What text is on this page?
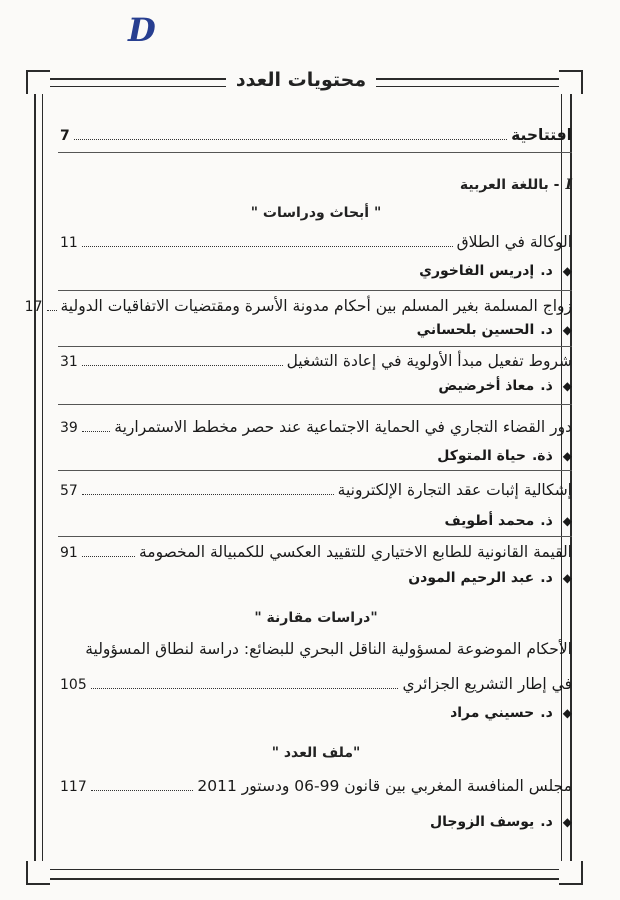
D
محتويات العدد
افتتاحية
7
I- باللغة العربية
" أبحاث ودراسات "
الوكالة في الطلاق
11
◆د.إدريس الفاخوري
زواج المسلمة بغير المسلم بين أحكام مدونة الأسرة ومقتضيات الاتفاقيات الدولية
17
◆د.الحسين بلحساني
شروط تفعيل مبدأ الأولوية في إعادة التشغيل
31
◆ذ.معاذ أخرضيض
دور القضاء التجاري في الحماية الاجتماعية عند حصر مخطط الاستمرارية
39
◆ذة.حياة المتوكل
إشكالية إثبات عقد التجارة الإلكترونية
57
◆ذ.محمد أطويف
القيمة القانونية للطابع الاختياري للتقييد العكسي للكمبيالة المخصومة
91
◆د.عبد الرحيم المودن
"دراسات مقارنة "
الأحكام الموضوعة لمسؤولية الناقل البحري للبضائع: دراسة لنطاق المسؤولية
في إطار التشريع الجزائري
105
◆د.حسيني مراد
"ملف العدد "
مجلس المنافسة المغربي بين قانون 99-06 ودستور 2011
117
◆د.يوسف الزوجال
